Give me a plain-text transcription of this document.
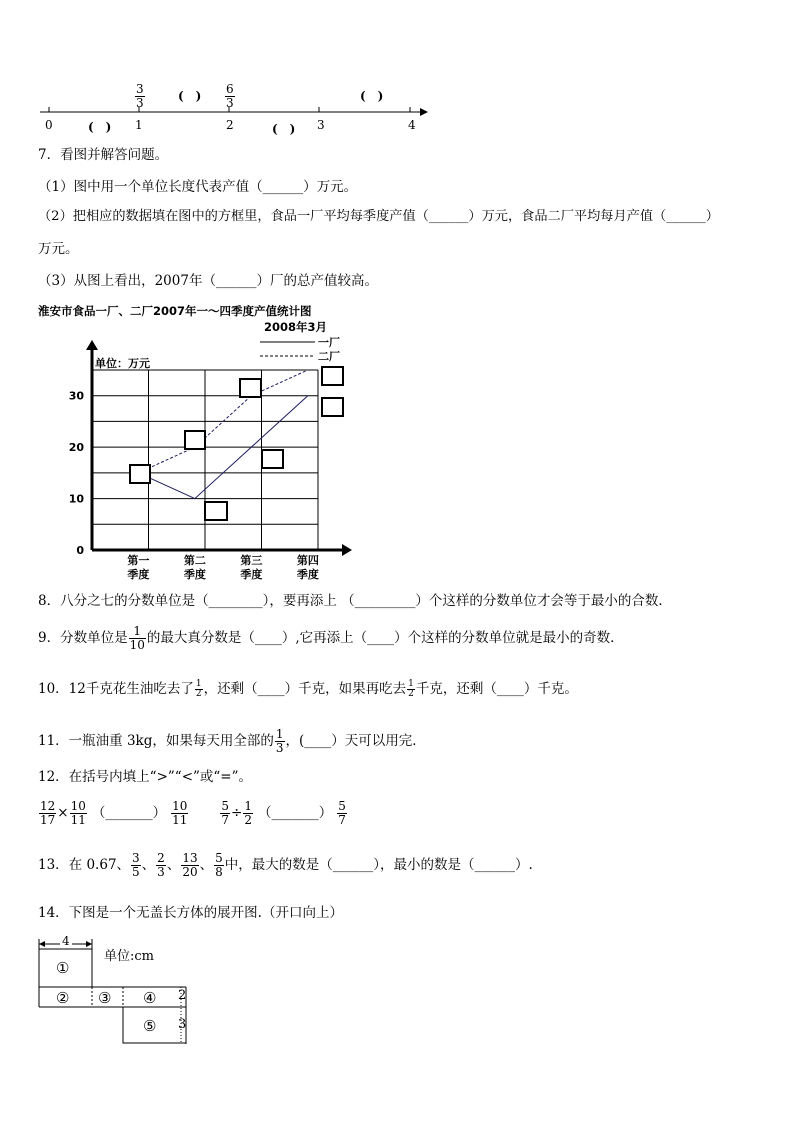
0	1	2	3	4
$\frac{3}{3}$	$\frac{6}{3}$
(　)	(　)
(　)	(　)
7．看图并解答问题。
（1）图中用一个单位长度代表产值（______）万元。
（2）把相应的数据填在图中的方框里，食品一厂平均每季度产值（______）万元，食品二厂平均每月产值（______）
万元。
（3）从图上看出，2007年（______）厂的总产值较高。
淮安市食品一厂、二厂2007年一～四季度产值统计图
2008年3月
一厂
二厂
0
10
20
30
第一
季度
第二
季度
第三
季度
第四
季度
单位：万元
8．八分之七的分数单位是（________），要再添上 （_________）个这样的分数单位才会等于最小的合数．
9．分数单位是 $\frac{1}{10}$ 的最大真分数是（____）,它再添上（____）个这样的分数单位就是最小的奇数．
10．12千克花生油吃去了 $\frac{1}{2}$ ，还剩（____）千克，如果再吃去 $\frac{1}{2}$ 千克，还剩（____）千克。
11．一瓶油重 3kg，如果每天用全部的 $\frac{1}{3}$ ，(____）天可以用完．
12．在括号内填上“>”“<”或“=”。
$\frac{12}{17} \times \frac{10}{11}$ （_______） $\frac{10}{11}$	$\frac{5}{7} \div \frac{1}{2}$ （_______） $\frac{5}{7}$
13．在 0.67、 $\frac{3}{5}$ 、 $\frac{2}{3}$ 、 $\frac{13}{20}$ 、 $\frac{5}{8}$ 中，最大的数是（______），最小的数是（______）.
14．下图是一个无盖长方体的展开图.（开口向上）
4
单位:cm
①
② ③ ④
⑤
2
3
